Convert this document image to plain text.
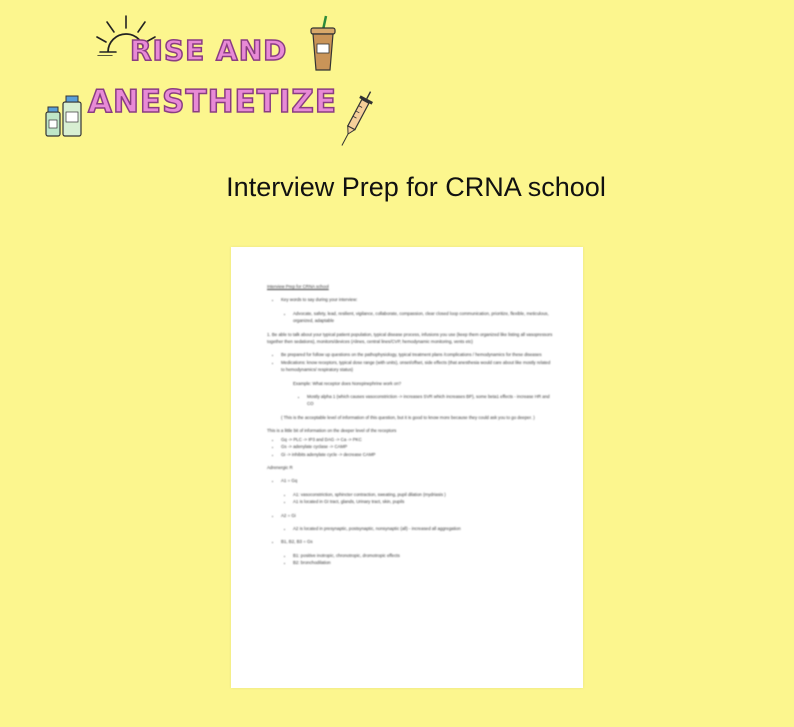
RISE AND
ANESTHETIZE
Interview Prep for CRNA school

Interview Prep for CRNA school

• Key words to say during your interview:
• Advocate, safety, lead, resilient, vigilance, collaborate, compassion, clear closed loop communication, prioritize, flexible, meticulous, organized, adaptable

1. Be able to talk about your typical patient population, typical disease process, infusions you use (keep them organized like listing all vasopressors together then sedations), monitors/devices (Alines, central lines/CVP, hemodynamic monitoring, vents etc)

• Be prepared for follow up questions on the pathophysiology, typical treatment plans /complications / hemodynamics for these diseases
• Medications: know receptors, typical dose range (with units), onset/offset, side effects (that anesthesia would care about like mostly related to hemodynamics/ respiratory status)

Example: What receptor does Norepinephrine work on?

• Mostly alpha 1 (which causes vasoconstriction -> increases SVR which increases BP), some beta1 effects - increase HR and CO

( This is the acceptable level of information of this question, but it is good to know more because they could ask you to go deeper. )

This is a little bit of information on the deeper level of the receptors

• Gq -> PLC -> IP3 and DAG -> Ca -> PKC
• Gs -> adenylate cyclase -> CAMP
• Gi -> inhibits adenylate cycle -> decrease CAMP

Adrenergic R

• A1 = Gq
• A1: vasoconstriction, sphincter contraction, sweating, pupil dilation (mydriasis )
• A1 is located in GI tract, glands, Urinary tract, skin, pupils
• A2 = Gi
• A2 is located in presynaptic, postsynaptic, nonsynaptic (all) - increased all aggregation
• B1, B2, B3 = Gs
• B1: positive inotropic, chronotropic, dromotropic effects
• B2: bronchodilation
